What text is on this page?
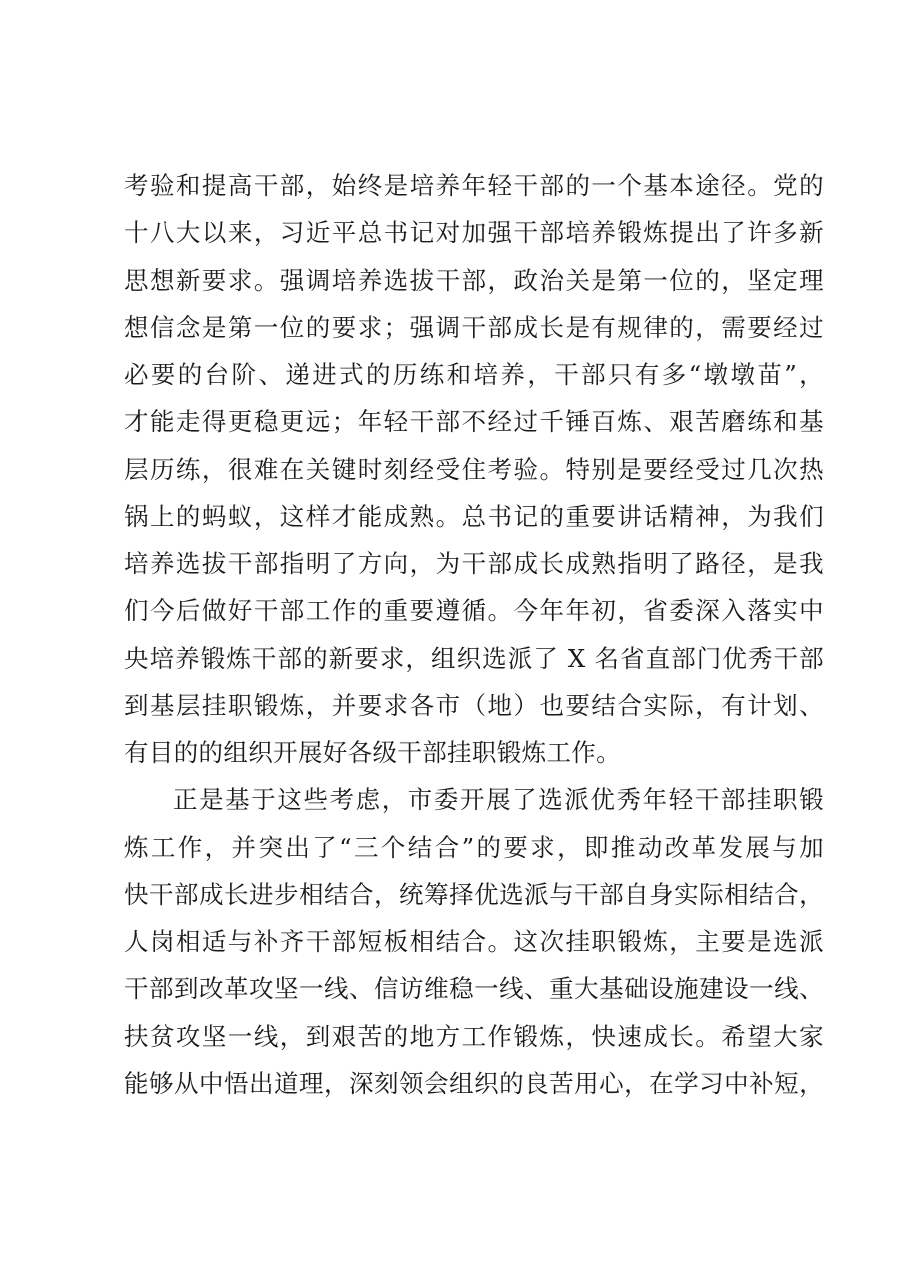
考验和提高干部，始终是培养年轻干部的一个基本途径。党的
十八大以来，习近平总书记对加强干部培养锻炼提出了许多新
思想新要求。强调培养选拔干部，政治关是第一位的，坚定理
想信念是第一位的要求；强调干部成长是有规律的，需要经过
必要的台阶、递进式的历练和培养，干部只有多“墩墩苗”，
才能走得更稳更远；年轻干部不经过千锤百炼、艰苦磨练和基
层历练，很难在关键时刻经受住考验。特别是要经受过几次热
锅上的蚂蚁，这样才能成熟。总书记的重要讲话精神，为我们
培养选拔干部指明了方向，为干部成长成熟指明了路径，是我
们今后做好干部工作的重要遵循。今年年初，省委深入落实中
央培养锻炼干部的新要求，组织选派了 X 名省直部门优秀干部
到基层挂职锻炼，并要求各市（地）也要结合实际，有计划、
有目的的组织开展好各级干部挂职锻炼工作。
正是基于这些考虑，市委开展了选派优秀年轻干部挂职锻
炼工作，并突出了“三个结合”的要求，即推动改革发展与加
快干部成长进步相结合，统筹择优选派与干部自身实际相结合，
人岗相适与补齐干部短板相结合。这次挂职锻炼，主要是选派
干部到改革攻坚一线、信访维稳一线、重大基础设施建设一线、
扶贫攻坚一线，到艰苦的地方工作锻炼，快速成长。希望大家
能够从中悟出道理，深刻领会组织的良苦用心，在学习中补短，
